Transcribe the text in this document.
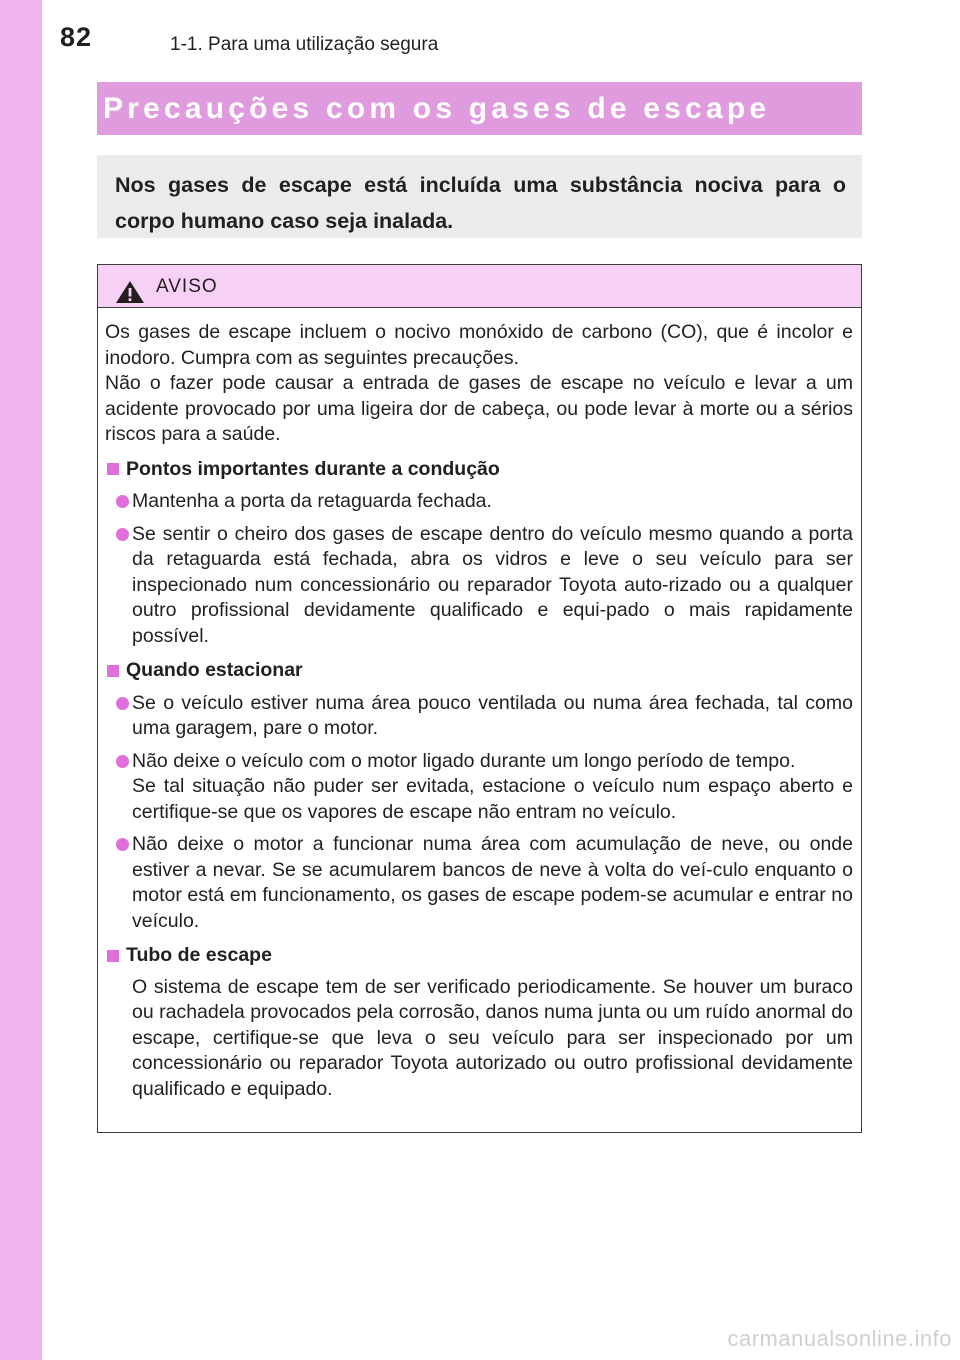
82	1-1. Para uma utilização segura
Precauções com os gases de escape
Nos gases de escape está incluída uma substância nociva para o corpo humano caso seja inalada.
AVISO
Os gases de escape incluem o nocivo monóxido de carbono (CO), que é incolor e inodoro. Cumpra com as seguintes precauções.
Não o fazer pode causar a entrada de gases de escape no veículo e levar a um acidente provocado por uma ligeira dor de cabeça, ou pode levar à morte ou a sérios riscos para a saúde.
Pontos importantes durante a condução
Mantenha a porta da retaguarda fechada.
Se sentir o cheiro dos gases de escape dentro do veículo mesmo quando a porta da retaguarda está fechada, abra os vidros e leve o seu veículo para ser inspecionado num concessionário ou reparador Toyota auto-rizado ou a qualquer outro profissional devidamente qualificado e equi-pado o mais rapidamente possível.
Quando estacionar
Se o veículo estiver numa área pouco ventilada ou numa área fechada, tal como uma garagem, pare o motor.
Não deixe o veículo com o motor ligado durante um longo período de tempo.
Se tal situação não puder ser evitada, estacione o veículo num espaço aberto e certifique-se que os vapores de escape não entram no veículo.
Não deixe o motor a funcionar numa área com acumulação de neve, ou onde estiver a nevar. Se se acumularem bancos de neve à volta do veí-culo enquanto o motor está em funcionamento, os gases de escape podem-se acumular e entrar no veículo.
Tubo de escape
O sistema de escape tem de ser verificado periodicamente. Se houver um buraco ou rachadela provocados pela corrosão, danos numa junta ou um ruído anormal do escape, certifique-se que leva o seu veículo para ser inspecionado por um concessionário ou reparador Toyota autorizado ou outro profissional devidamente qualificado e equipado.
carmanualsonline.info
